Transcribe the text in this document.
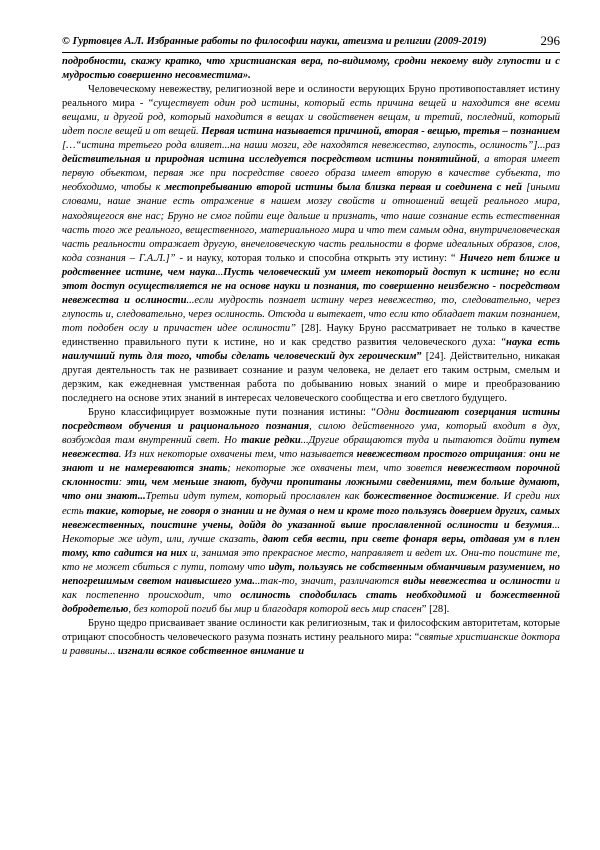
© Гуртовцев А.Л. Избранные работы по философии науки, атеизма и религии (2009-2019)	296

подробности, скажу кратко, что христианская вера, по-видимому, сродни некоему виду глупости и с мудростью совершенно несовместима».

Человеческому невежеству, религиозной вере и ослиности верующих Бруно противопоставляет истину реального мира - “существует один род истины, который есть причина вещей и находится вне всеми вещами, и другой род, который находится в вещах и свойственен вещам, и третий, последний, который идет после вещей и от вещей. Первая истина называется причиной, вторая - вещью, третья – познанием […“истина третьего рода влияет...на наши мозги, где находятся невежество, глупость, ослиность”]...раз действительная и природная истина исследуется посредством истины понятийной, а вторая имеет первую объектом, первая же при посредстве своего образа имеет вторую в качестве субъекта, то необходимо, чтобы к местопребыванию второй истины была близка первая и соединена с ней [иными словами, наше знание есть отражение в нашем мозгу свойств и отношений вещей реального мира, находящегося вне нас; Бруно не смог пойти еще дальше и признать, что наше сознание есть естественная часть того же реального, вещественного, материального мира и что тем самым одна, внутричеловеческая часть реальности отражает другую, внечеловеческую часть реальности в форме идеальных образов, слов, кода сознания – Г.А.Л.]” - и науку, которая только и способна открыть эту истину: “ Ничего нет ближе и родственнее истине, чем наука...Пусть человеческий ум имеет некоторый доступ к истине; но если этот доступ осуществляется не на основе науки и познания, то совершенно неизбежно - посредством невежества и ослиности...если мудрость познает истину через невежество, то, следовательно, через глупость и, следовательно, через ослиность. Отсюда и вытекает, что если кто обладает таким познанием, тот подобен ослу и причастен идее ослиности” [28]. Науку Бруно рассматривает не только в качестве единственно правильного пути к истине, но и как средство развития человеческого духа: “наука есть наилучший путь для того, чтобы сделать человеческий дух героическим” [24]. Действительно, никакая другая деятельность так не развивает сознание и разум человека, не делает его таким острым, смелым и дерзким, как ежедневная умственная работа по добыванию новых знаний о мире и преобразованию последнего на основе этих знаний в интересах человеческого сообщества и его светлого будущего.

Бруно классифицирует возможные пути познания истины: “Одни достигают созерцания истины посредством обучения и рационального познания, силою действенного ума, который входит в дух, возбуждая там внутренний свет. Но такие редки...Другие обращаются туда и пытаются дойти путем невежества. Из них некоторые охвачены тем, что называется невежеством простого отрицания: они не знают и не намереваются знать; некоторые же охвачены тем, что зовется невежеством порочной склонности: эти, чем меньше знают, будучи пропитаны ложными сведениями, тем больше думают, что они знают...Третьи идут путем, который прославлен как божественное достижение. И среди них есть такие, которые, не говоря о знании и не думая о нем и кроме того пользуясь доверием других, самых невежественных, поистине учены, дойдя до указанной выше прославленной ослиности и безумия... Некоторые же идут, или, лучше сказать, дают себя вести, при свете фонаря веры, отдавая ум в плен тому, кто садится на них и, занимая это прекрасное место, направляет и ведет их. Они-то поистине те, кто не может сбиться с пути, потому что идут, пользуясь не собственным обманчивым разумением, но непогрешимым светом наивысшего ума...так-то, значит, различаются виды невежества и ослиности и как постепенно происходит, что ослиность сподобилась стать необходимой и божественной добродетелью, без которой погиб бы мир и благодаря которой весь мир спасен” [28].

Бруно щедро присваивает звание ослиности как религиозным, так и философским авторитетам, которые отрицают способность человеческого разума познать истину реального мира: “святые христианские доктора и раввины... изгнали всякое собственное внимание и
